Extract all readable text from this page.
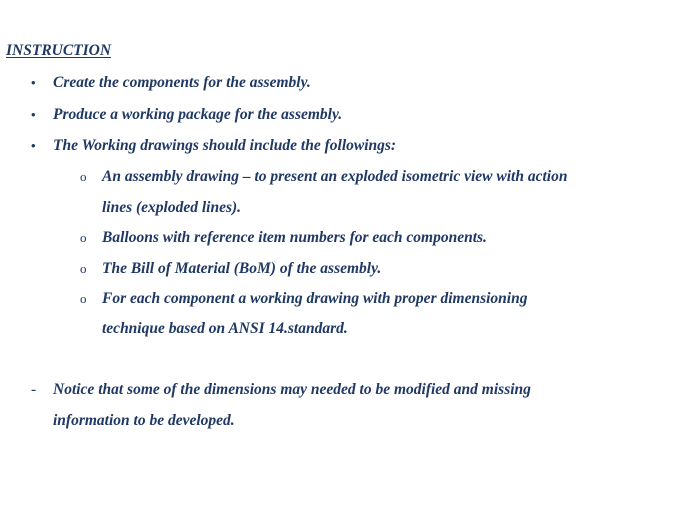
INSTRUCTION
• Create the components for the assembly.
• Produce a working package for the assembly.
• The Working drawings should include the followings:
o An assembly drawing – to present an exploded isometric view with action
lines (exploded lines).
o Balloons with reference item numbers for each components.
o The Bill of Material (BoM) of the assembly.
o For each component a working drawing with proper dimensioning
technique based on ANSI 14.standard.
- Notice that some of the dimensions may needed to be modified and missing
information to be developed.
